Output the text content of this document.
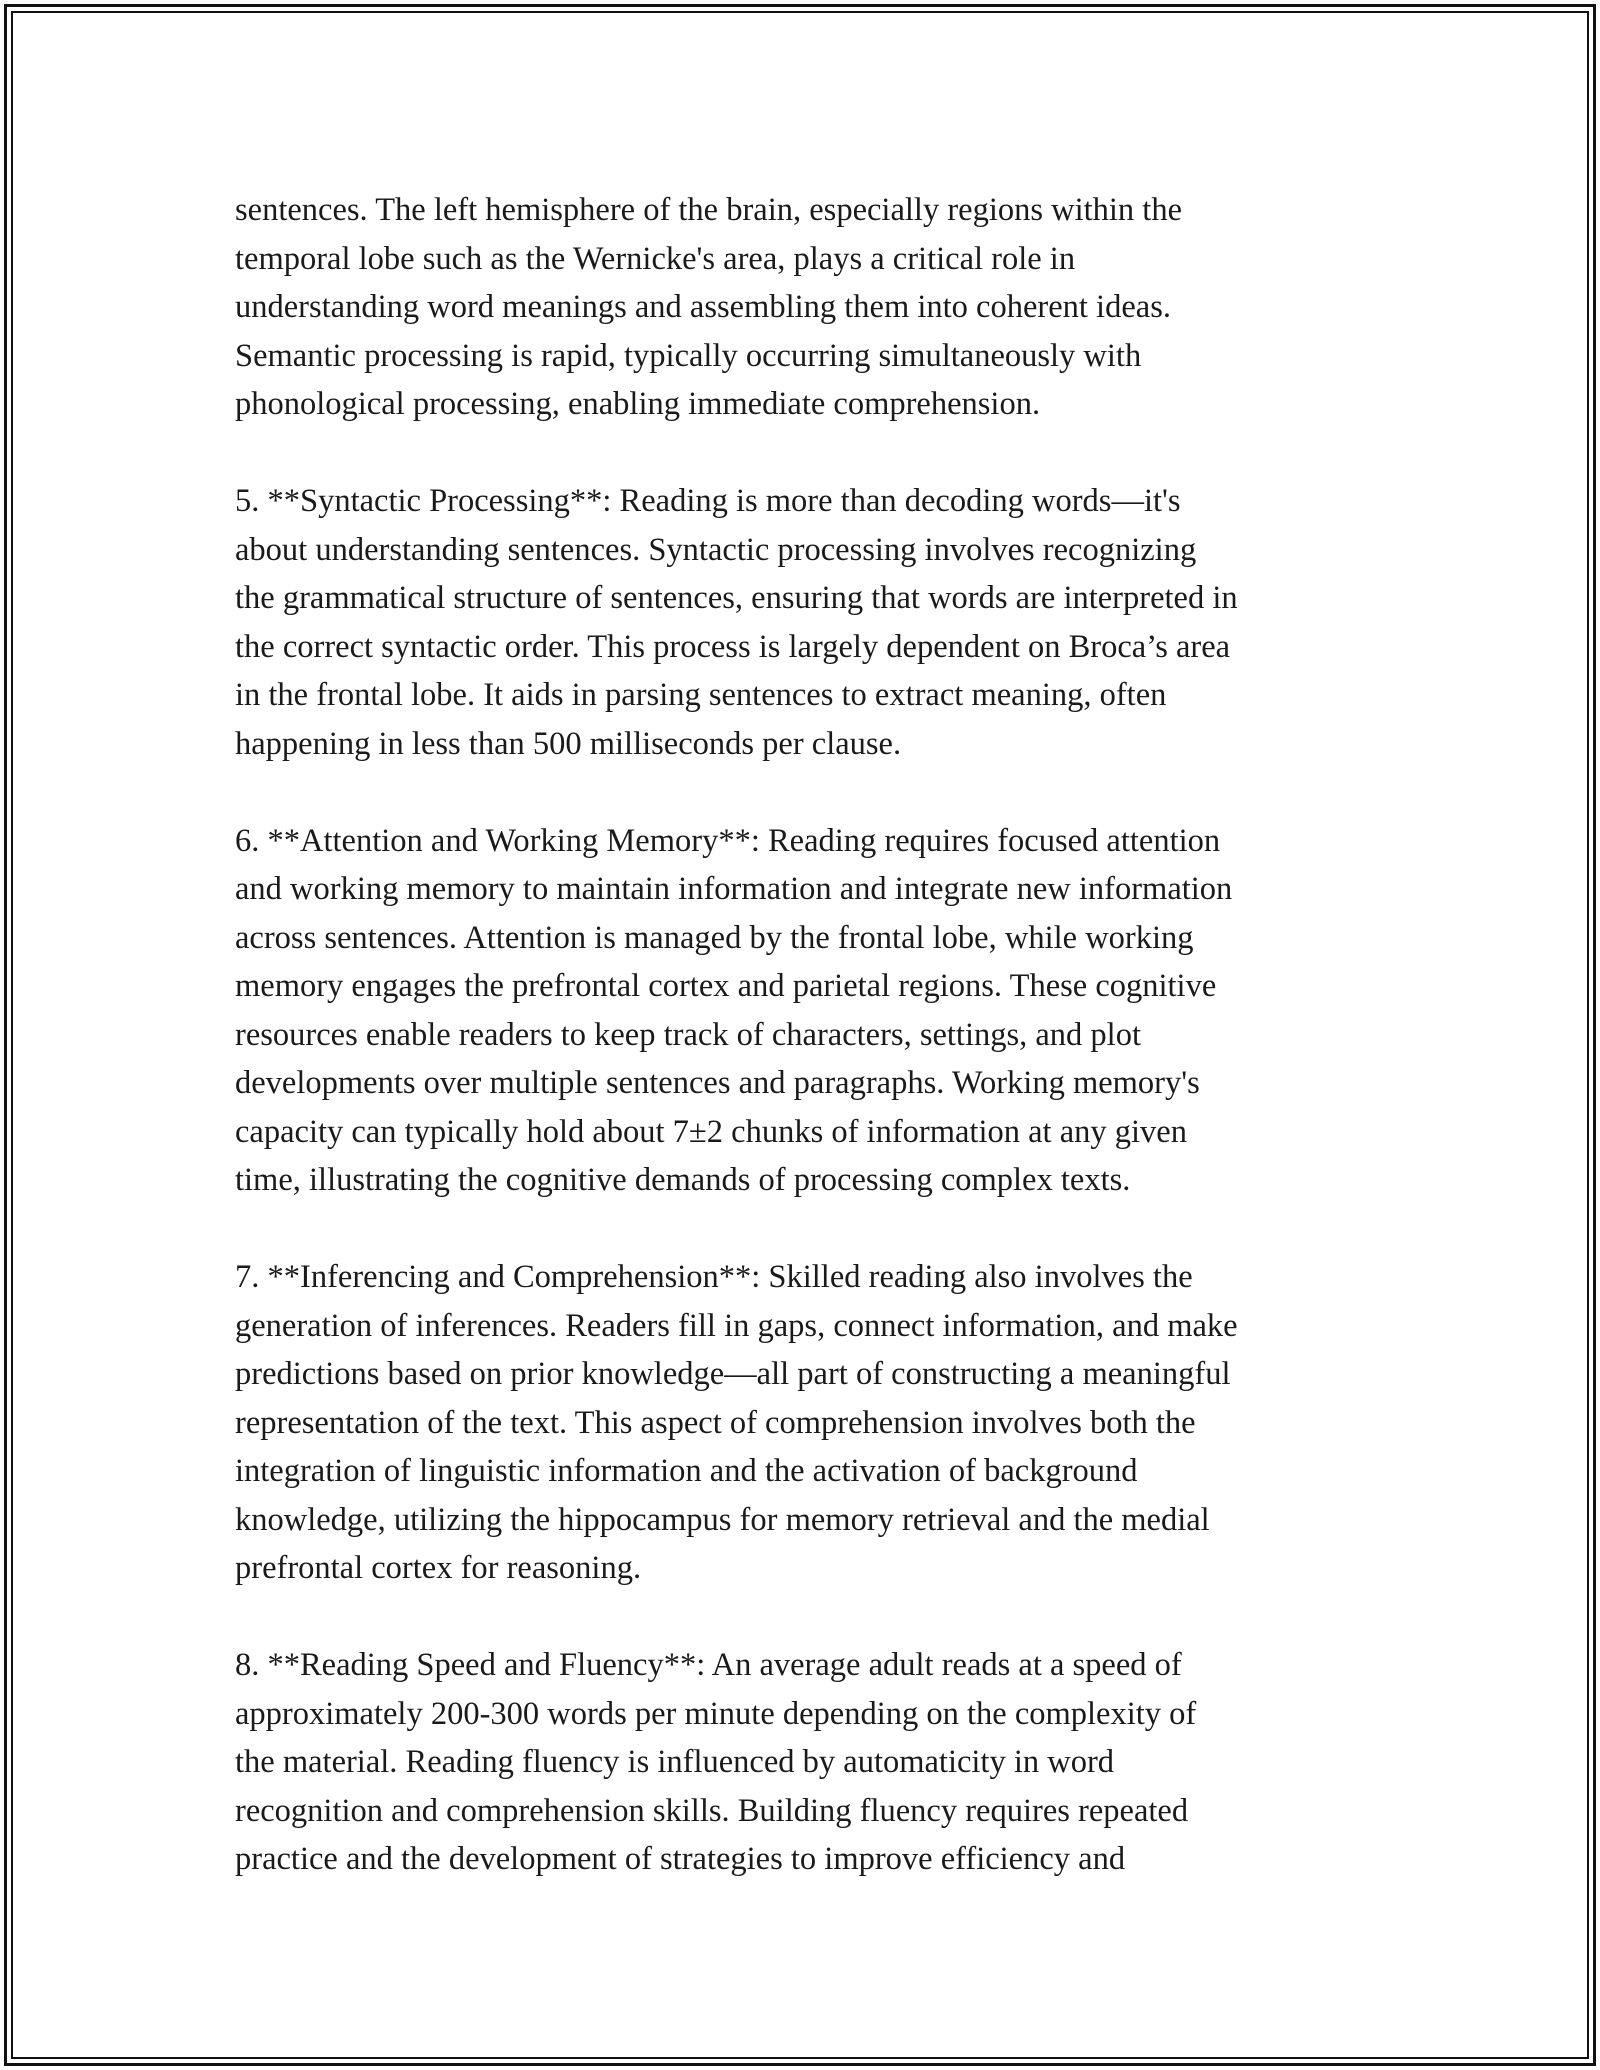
sentences. The left hemisphere of the brain, especially regions within the
temporal lobe such as the Wernicke's area, plays a critical role in
understanding word meanings and assembling them into coherent ideas.
Semantic processing is rapid, typically occurring simultaneously with
phonological processing, enabling immediate comprehension.

5. **Syntactic Processing**: Reading is more than decoding words—it's
about understanding sentences. Syntactic processing involves recognizing
the grammatical structure of sentences, ensuring that words are interpreted in
the correct syntactic order. This process is largely dependent on Broca’s area
in the frontal lobe. It aids in parsing sentences to extract meaning, often
happening in less than 500 milliseconds per clause.

6. **Attention and Working Memory**: Reading requires focused attention
and working memory to maintain information and integrate new information
across sentences. Attention is managed by the frontal lobe, while working
memory engages the prefrontal cortex and parietal regions. These cognitive
resources enable readers to keep track of characters, settings, and plot
developments over multiple sentences and paragraphs. Working memory's
capacity can typically hold about 7±2 chunks of information at any given
time, illustrating the cognitive demands of processing complex texts.

7. **Inferencing and Comprehension**: Skilled reading also involves the
generation of inferences. Readers fill in gaps, connect information, and make
predictions based on prior knowledge—all part of constructing a meaningful
representation of the text. This aspect of comprehension involves both the
integration of linguistic information and the activation of background
knowledge, utilizing the hippocampus for memory retrieval and the medial
prefrontal cortex for reasoning.

8. **Reading Speed and Fluency**: An average adult reads at a speed of
approximately 200-300 words per minute depending on the complexity of
the material. Reading fluency is influenced by automaticity in word
recognition and comprehension skills. Building fluency requires repeated
practice and the development of strategies to improve efficiency and
